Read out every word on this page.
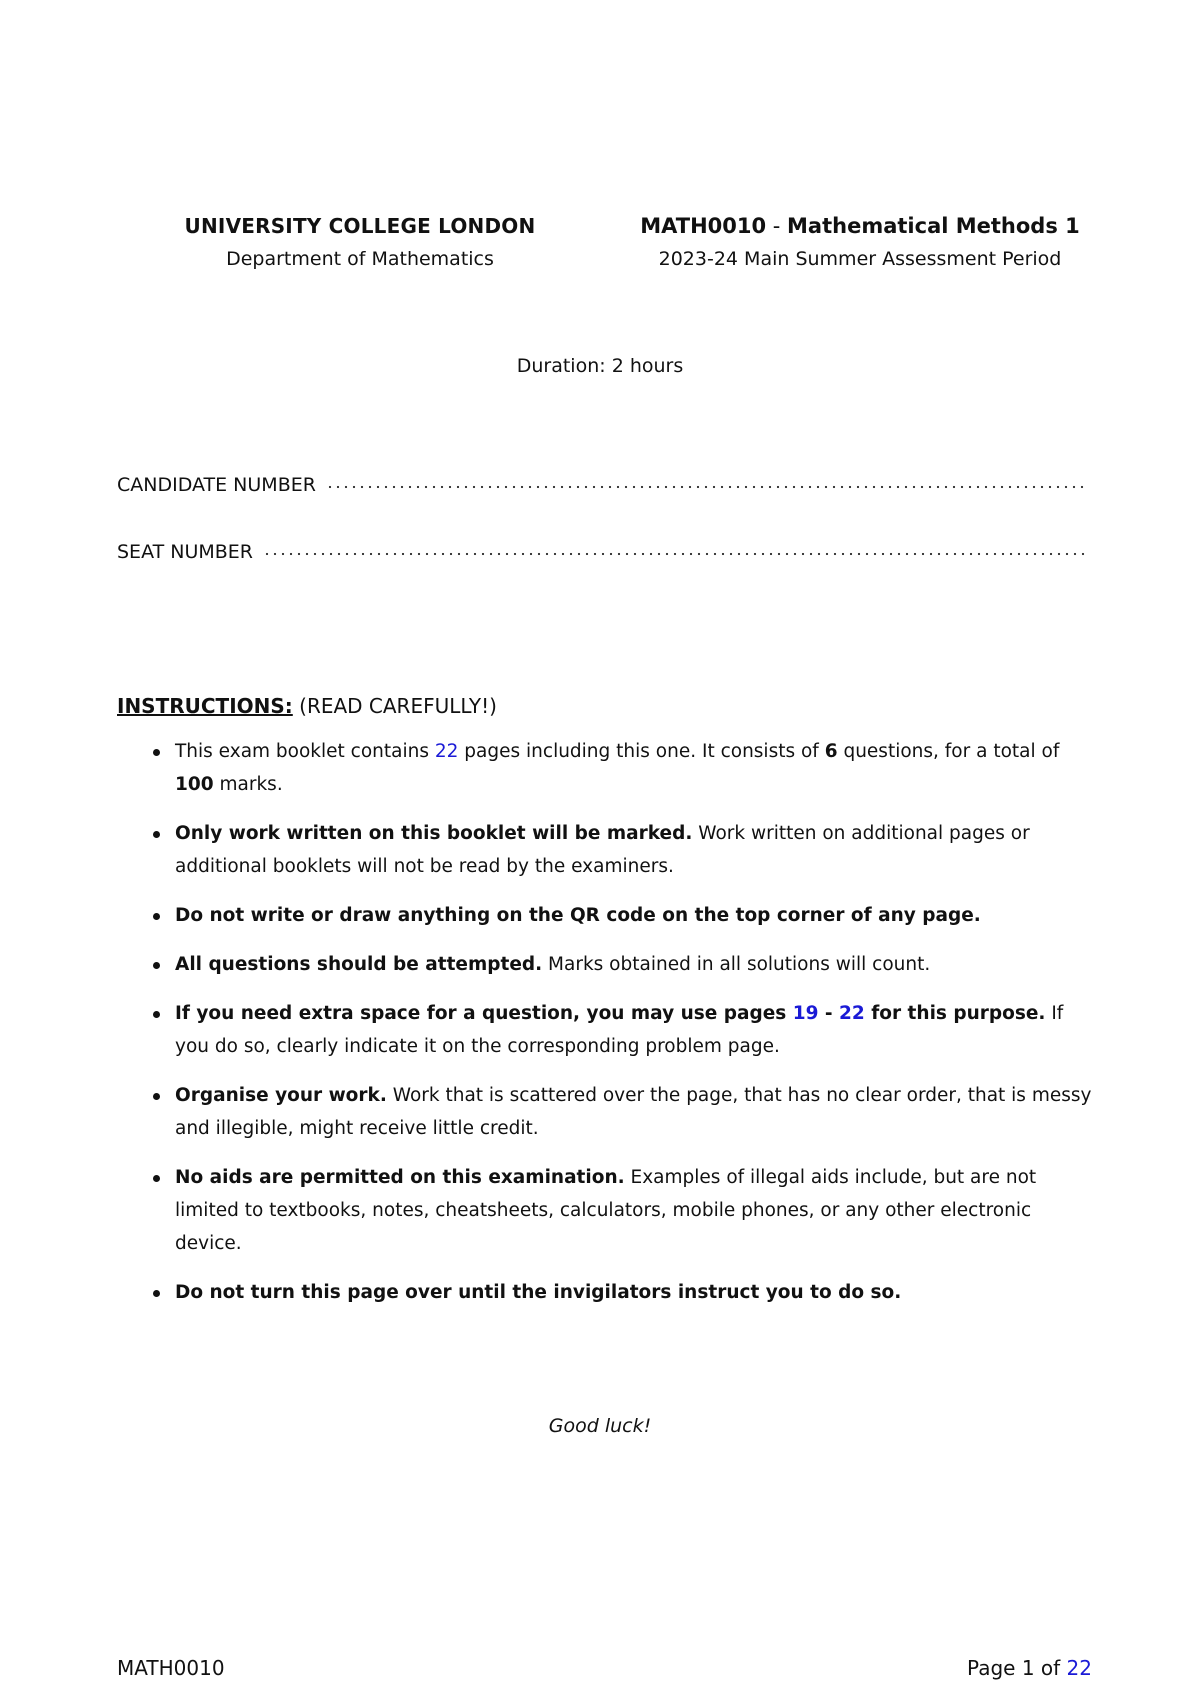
UNIVERSITY COLLEGE LONDON
Department of Mathematics
MATH0010 - Mathematical Methods 1
2023-24 Main Summer Assessment Period
Duration: 2 hours
CANDIDATE NUMBER
SEAT NUMBER
INSTRUCTIONS: (READ CAREFULLY!)
This exam booklet contains 22 pages including this one. It consists of 6 questions, for a total of 100 marks.
Only work written on this booklet will be marked. Work written on additional pages or additional booklets will not be read by the examiners.
Do not write or draw anything on the QR code on the top corner of any page.
All questions should be attempted. Marks obtained in all solutions will count.
If you need extra space for a question, you may use pages 19 - 22 for this purpose. If you do so, clearly indicate it on the corresponding problem page.
Organise your work. Work that is scattered over the page, that has no clear order, that is messy and illegible, might receive little credit.
No aids are permitted on this examination. Examples of illegal aids include, but are not limited to textbooks, notes, cheatsheets, calculators, mobile phones, or any other electronic device.
Do not turn this page over until the invigilators instruct you to do so.
Good luck!
MATH0010	Page 1 of 22
